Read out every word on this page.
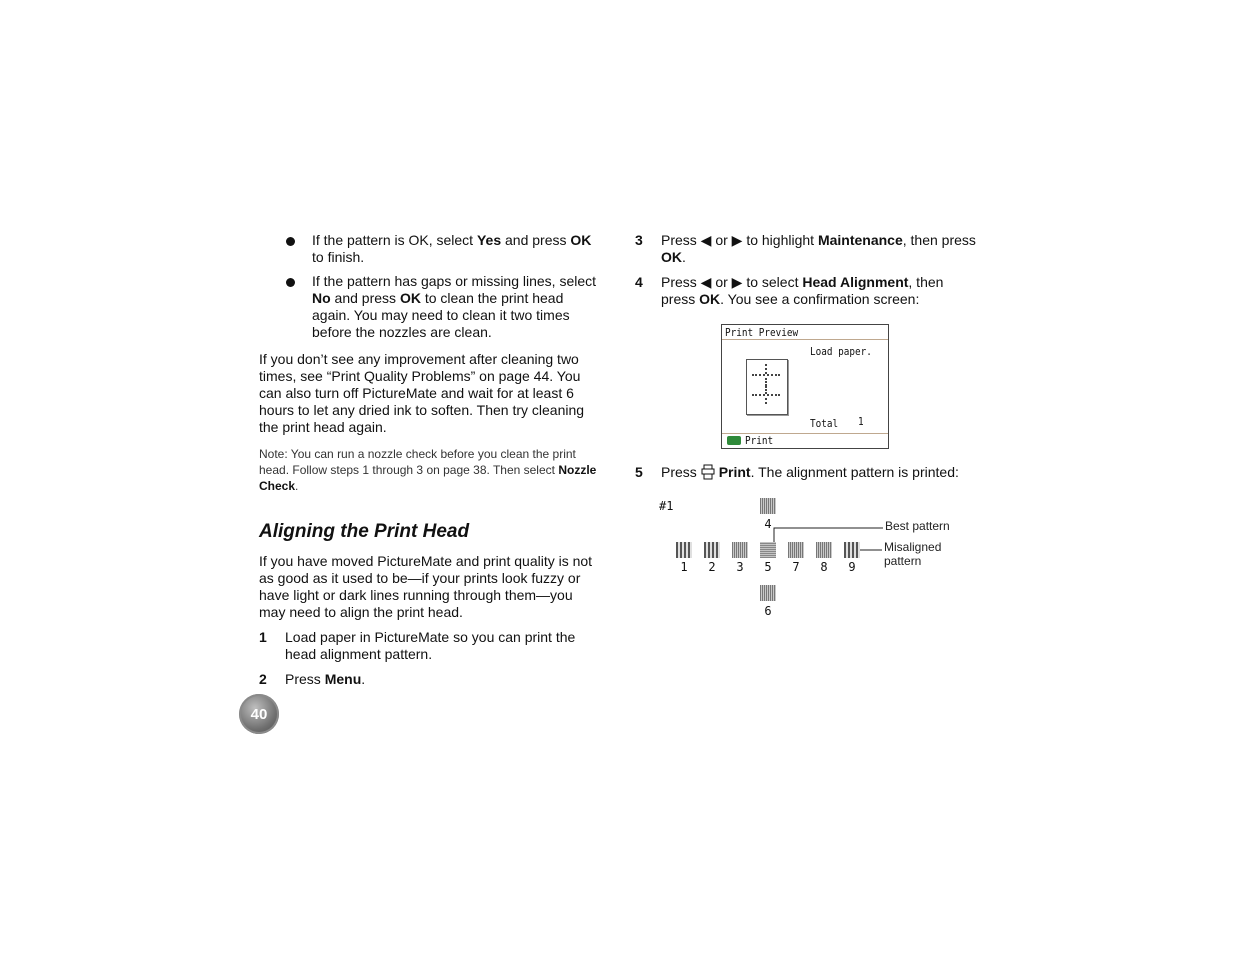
If the pattern is OK, select Yes and press OK to finish.
If the pattern has gaps or missing lines, select No and press OK to clean the print head again. You may need to clean it two times before the nozzles are clean.
If you don’t see any improvement after cleaning two times, see “Print Quality Problems” on page 44. You can also turn off PictureMate and wait for at least 6 hours to let any dried ink to soften. Then try cleaning the print head again.
Note: You can run a nozzle check before you clean the print head. Follow steps 1 through 3 on page 38. Then select Nozzle Check.
Aligning the Print Head
If you have moved PictureMate and print quality is not as good as it used to be—if your prints look fuzzy or have light or dark lines running through them—you may need to align the print head.
1 Load paper in PictureMate so you can print the head alignment pattern.
2 Press Menu.
40
3 Press ◀ or ▶ to highlight Maintenance, then press OK.
4 Press ◀ or ▶ to select Head Alignment, then press OK. You see a confirmation screen:
Print Preview
Load paper.
Total 1
Print
5 Press Print. The alignment pattern is printed:
#1
4
1	2	3	5	7	8	9
6
Best pattern
Misaligned pattern
